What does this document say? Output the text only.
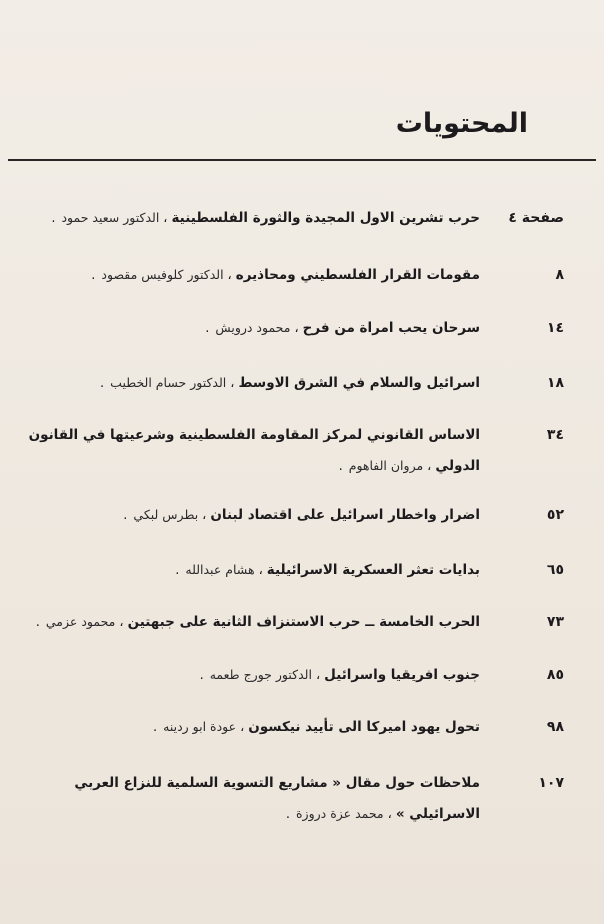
المحتويات
صفحة ٤
حرب تشرين الاول المجيدة والثورة الفلسطينية،الدكتور سعيد حمود.
٨
مقومات القرار الفلسطيني ومحاذيره،الدكتور كلوفيس مقصود.
١٤
سرحان يحب امراة من فرح،محمود درويش.
١٨
اسرائيل والسلام في الشرق الاوسط،الدكتور حسام الخطيب.
٣٤
الاساس القانوني لمركز المقاومة الفلسطينية وشرعيتها في القانون الدولي،مروان الفاهوم.
٥٢
اضرار واخطار اسرائيل على اقتصاد لبنان،بطرس لبكي.
٦٥
بدايات تعثر العسكرية الاسرائيلية،هشام عبدالله.
٧٣
الحرب الخامسة ــ حرب الاستنزاف الثانية على جبهتين،محمود عزمي.
٨٥
جنوب افريقيا واسرائيل،الدكتور جورج طعمه.
٩٨
تحول يهود اميركا الى تأييد نيكسون،عودة ابو ردينه.
١٠٧
ملاحظات حول مقال « مشاريع التسوية السلمية للنزاع العربي الاسرائيلي »،محمد عزة دروزة.
